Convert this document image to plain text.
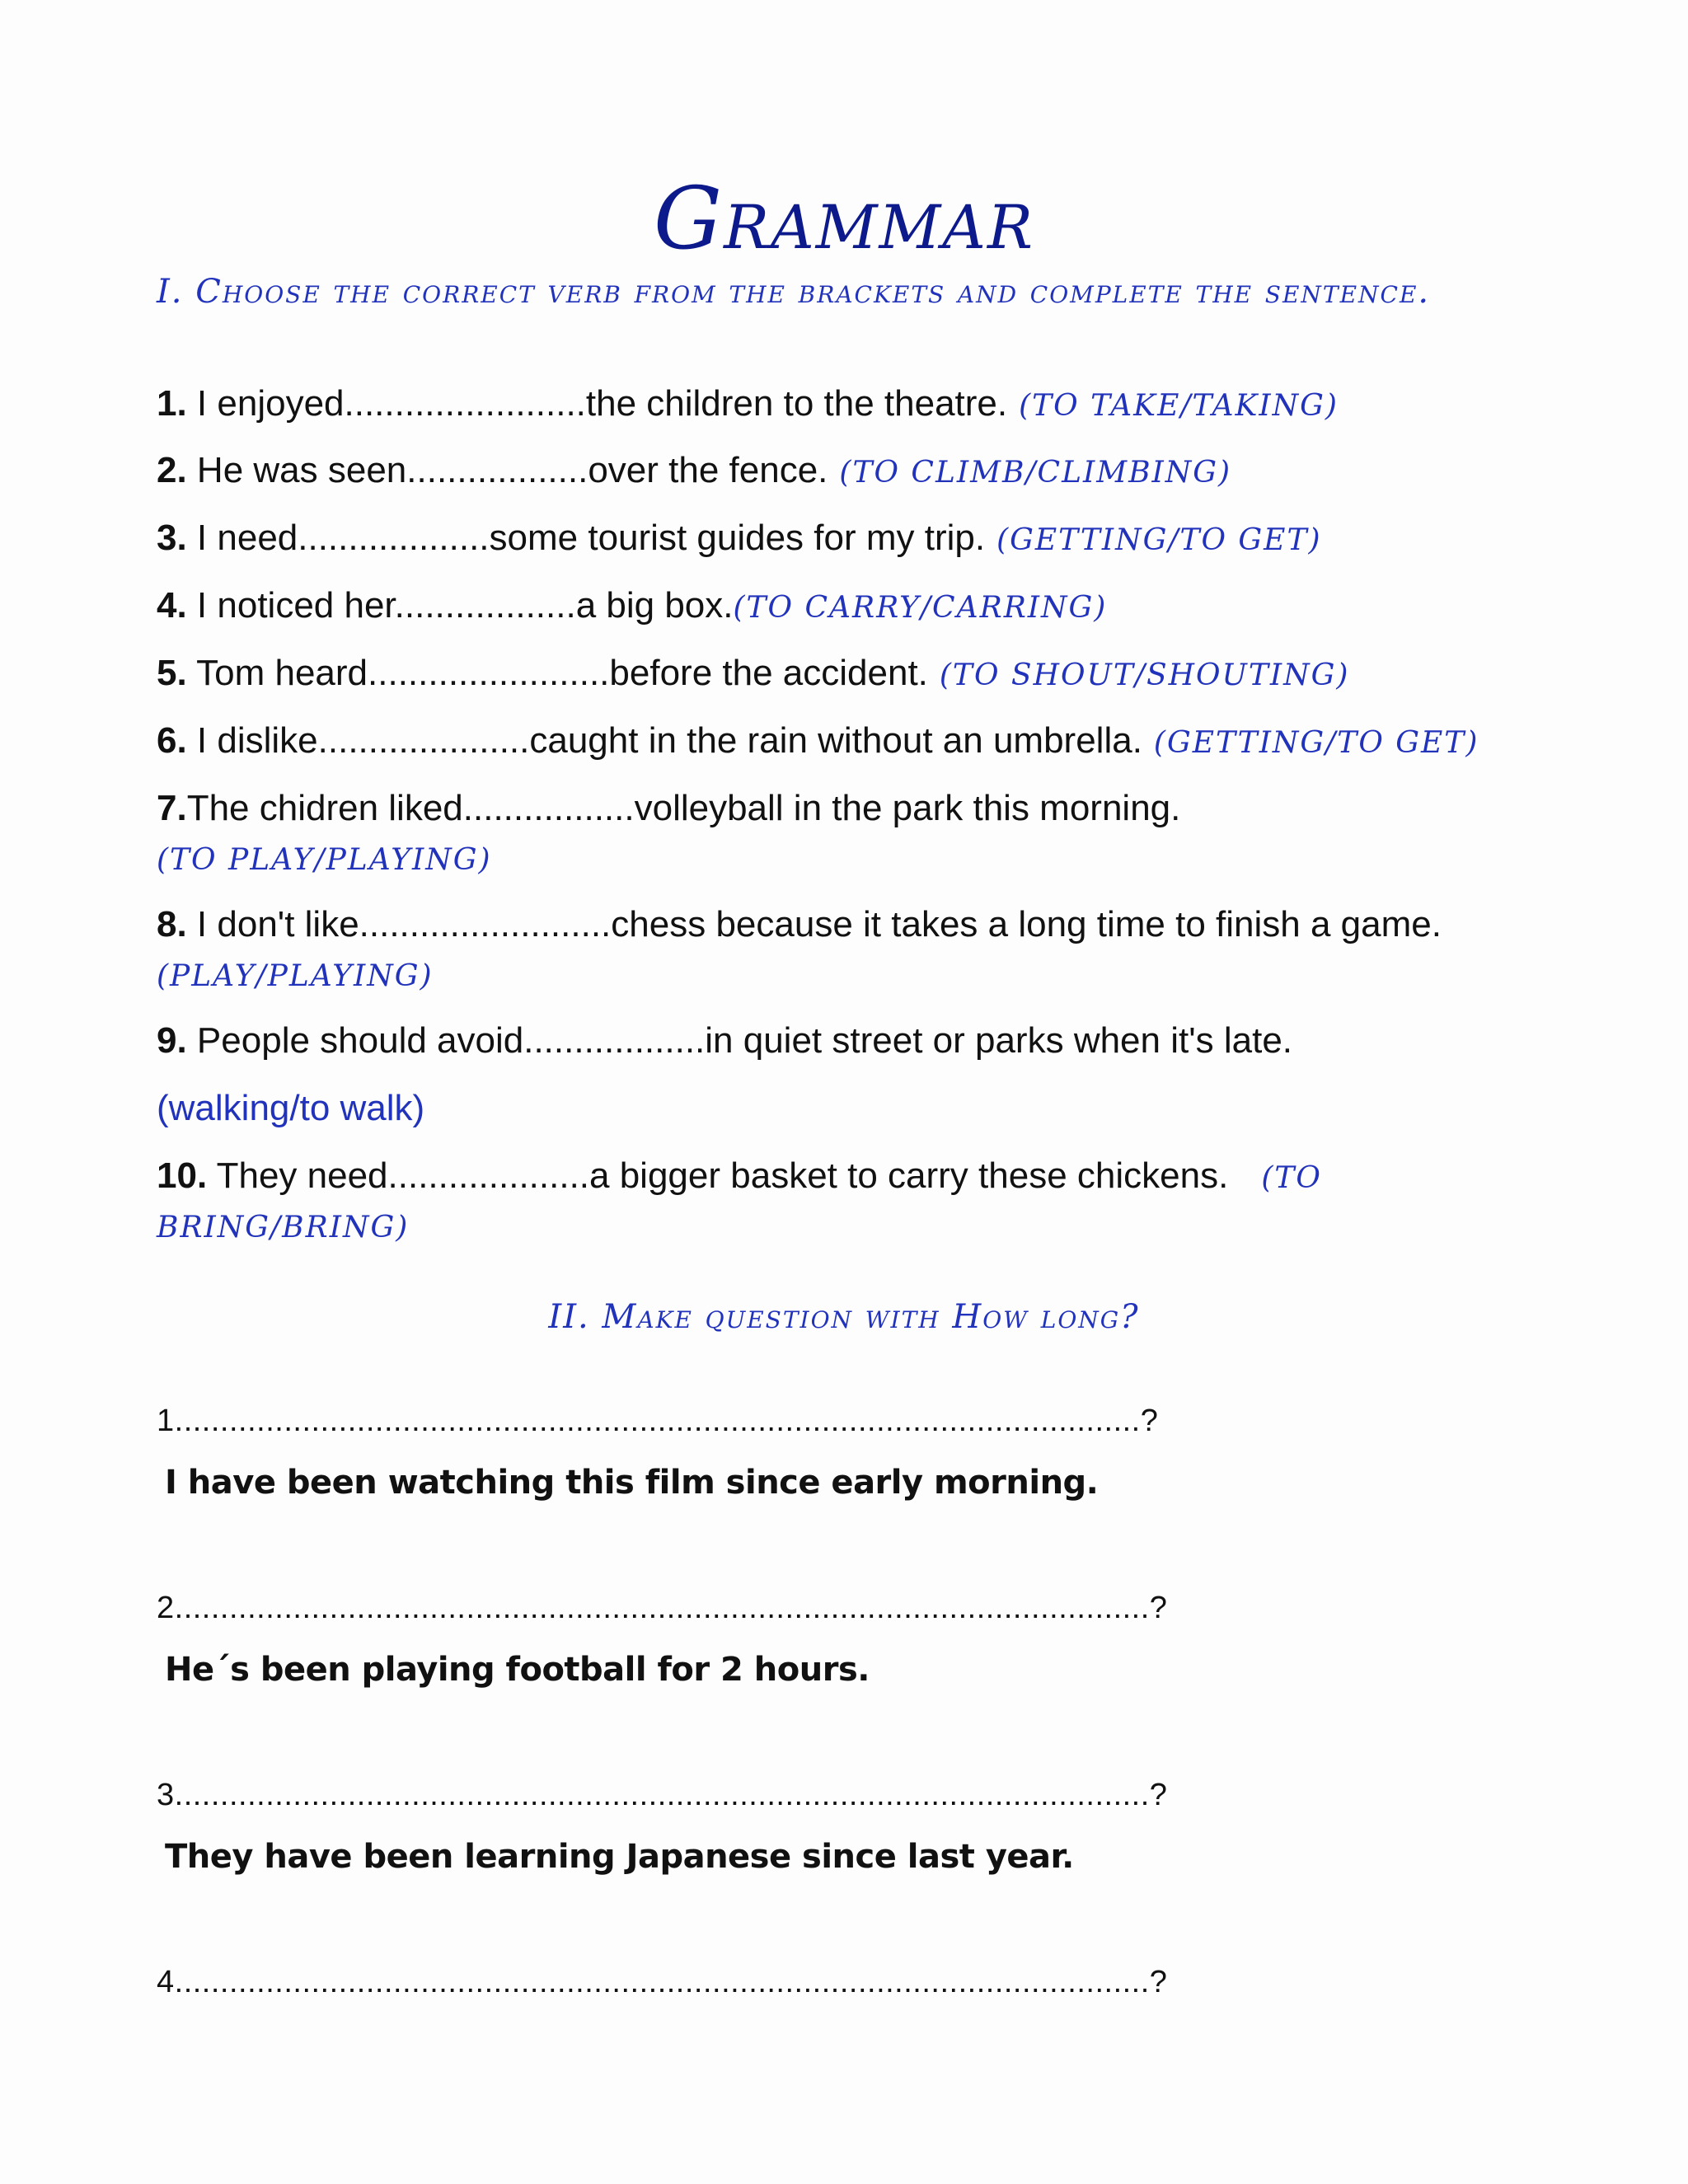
Grammar
I. Choose the correct verb from the brackets and complete the sentence.
1. I enjoyed........................the children to the theatre. (TO TAKE/TAKING)
2. He was seen..................over the fence. (TO CLIMB/CLIMBING)
3. I need...................some tourist guides for my trip. (GETTING/TO GET)
4. I noticed her..................a big box.(TO CARRY/CARRING)
5. Tom heard........................before the accident. (TO SHOUT/SHOUTING)
6. I dislike.....................caught in the rain without an umbrella. (GETTING/TO GET)
7.The chidren liked.................volleyball in the park this morning.
(TO PLAY/PLAYING)
8. I don't like.........................chess because it takes a long time to finish a game.
(PLAY/PLAYING)
9. People should avoid..................in quiet street or parks when it's late.
(walking/to walk)
10. They need....................a bigger basket to carry these chickens. (TO
BRING/BRING)
II. Make question with How long?
1..........................................................................................................?
I have been watching this film since early morning.
2...........................................................................................................?
He´s been playing football for 2 hours.
3...........................................................................................................?
They have been learning Japanese since last year.
4...........................................................................................................?
